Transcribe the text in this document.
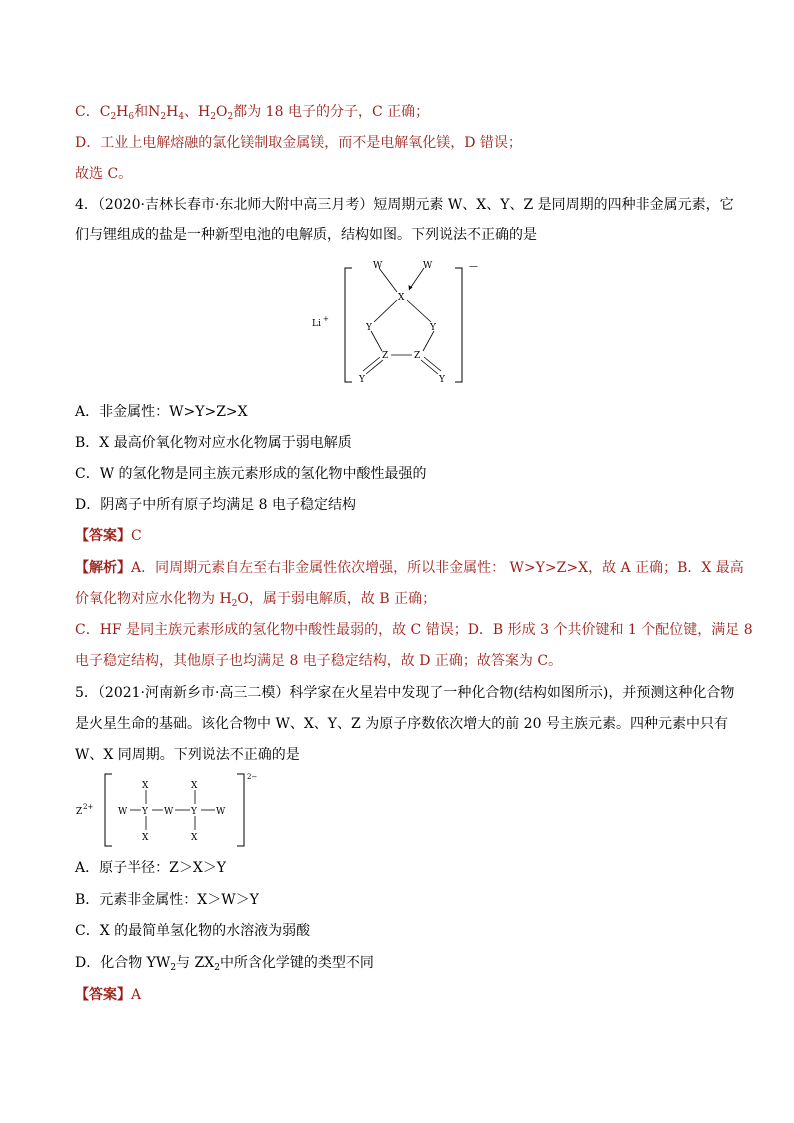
C．$C_2H_6$和$N_2H_4$、$H_2O_2$都为 18 电子的分子，C 正确；
D．工业上电解熔融的氯化镁制取金属镁，而不是电解氧化镁，D 错误；
故选 C。
4．（2020·吉林长春市·东北师大附中高三月考）短周期元素 W、X、Y、Z 是同周期的四种非金属元素，它
们与锂组成的盐是一种新型电池的电解质，结构如图。下列说法不正确的是
W	W
X
Y	Y
Z	Z
Y	Y
Li +
—
A．非金属性：W>Y>Z>X
B．X 最高价氧化物对应水化物属于弱电解质
C．W 的氢化物是同主族元素形成的氢化物中酸性最强的
D．阴离子中所有原子均满足 8 电子稳定结构
【答案】C
【解析】A．同周期元素自左至右非金属性依次增强，所以非金属性： W>Y>Z>X，故 A 正确；B．X 最高
价氧化物对应水化物为 $H_2O$，属于弱电解质，故 B 正确；
C．HF 是同主族元素形成的氢化物中酸性最弱的，故 C 错误；D．B 形成 3 个共价键和 1 个配位键，满足 8
电子稳定结构，其他原子也均满足 8 电子稳定结构，故 D 正确；故答案为 C。
5．（2021·河南新乡市·高三二模）科学家在火星岩中发现了一种化合物(结构如图所示)，并预测这种化合物
是火星生命的基础。该化合物中 W、X、Y、Z 为原子序数依次增大的前 20 号主族元素。四种元素中只有
W、X 同周期。下列说法不正确的是
X	X
W Y W Y W
X	X
Z 2+
2−
A．原子半径：Z＞X＞Y
B．元素非金属性：X＞W＞Y
C．X 的最简单氢化物的水溶液为弱酸
D．化合物 $YW_2$与 $ZX_2$中所含化学键的类型不同
【答案】A
